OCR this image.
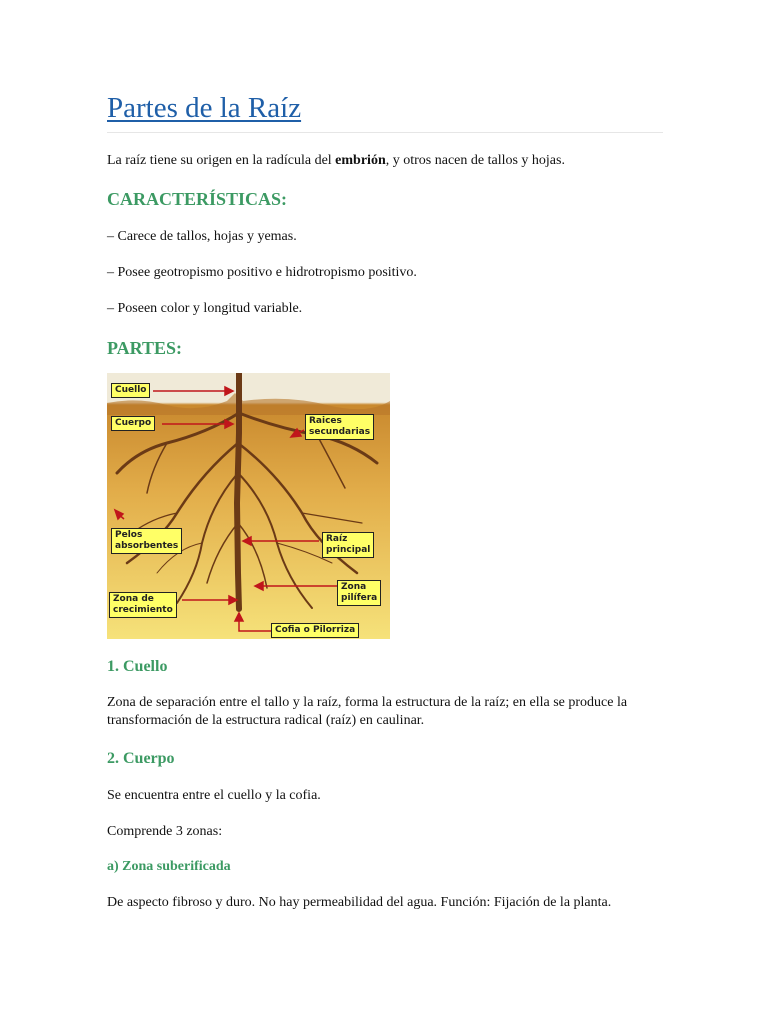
Partes de la Raíz

La raíz tiene su origen en la radícula del embrión, y otros nacen de tallos y hojas.

CARACTERÍSTICAS:

– Carece de tallos, hojas y yemas.

– Posee geotropismo positivo e hidrotropismo positivo.

– Poseen color y longitud variable.

PARTES:
Cuello
Cuerpo	Raices
secundarias
Pelos
absorbentes
Raíz
principal
Zona
pilífera
Zona de
crecimiento
Cofia o Pilorriza
1. Cuello

Zona de separación entre el tallo y la raíz, forma la estructura de la raíz; en ella se produce la transformación de la estructura radical (raíz) en caulinar.

2. Cuerpo

Se encuentra entre el cuello y la cofia.

Comprende 3 zonas:

a) Zona suberificada

De aspecto fibroso y duro. No hay permeabilidad del agua. Función: Fijación de la planta.
